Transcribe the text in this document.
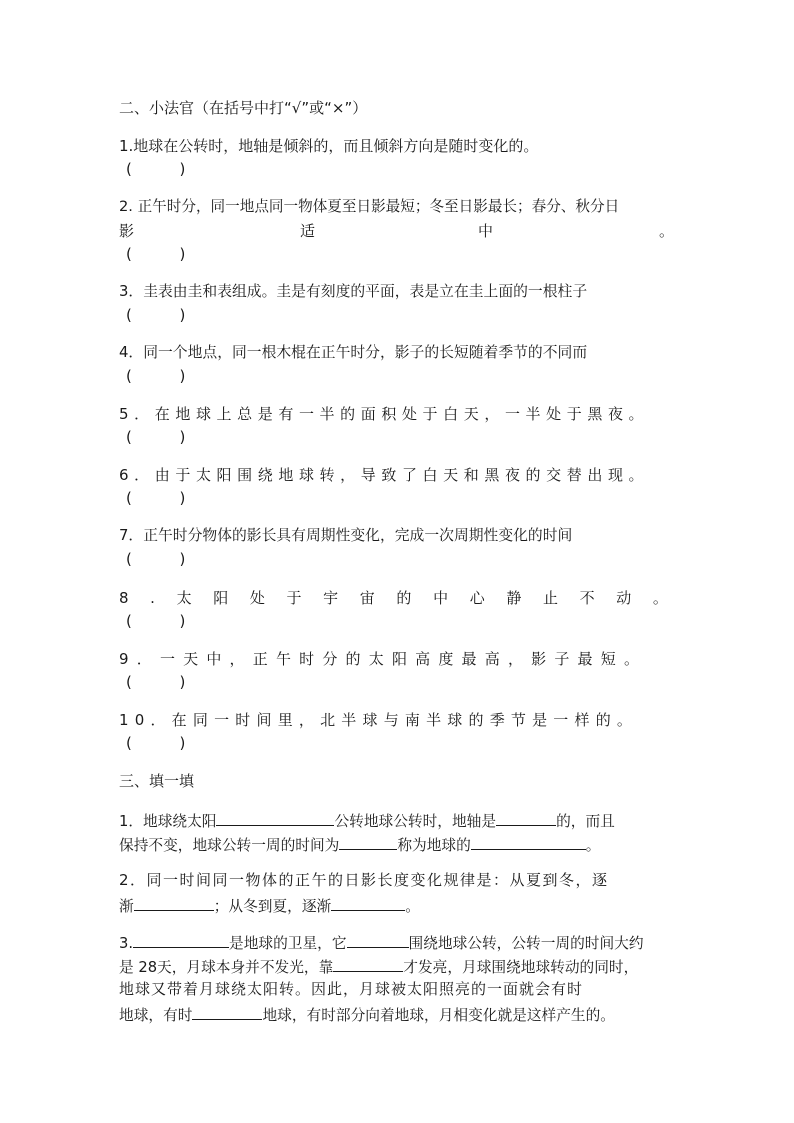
二、小法官（在括号中打“√”或“×”）
1.地球在公转时，地轴是倾斜的，而且倾斜方向是随时变化的。
(          )
2. 正午时分，同一地点同一物体夏至日影最短；冬至日影最长；春分、秋分日
影	适	中	。
(          )
3．圭表由圭和表组成。圭是有刻度的平面，表是立在圭上面的一根柱子
(          )
4．同一个地点，同一根木棍在正午时分，影子的长短随着季节的不同而
(          )
5．在地球上总是有一半的面积处于白天，一半处于黑夜。
(          )
6．由于太阳围绕地球转，导致了白天和黑夜的交替出现。
(          )
7．正午时分物体的影长具有周期性变化，完成一次周期性变化的时间
(          )
8 . 太 阳 处 于 宇 宙 的 中 心 静 止 不 动 。
(          )
9．一天中，正午时分的太阳高度最高，影子最短。
(          )
10．在同一时间里，北半球与南半球的季节是一样的。
(          )
三、填一填
1．地球绕太阳	公转地球公转时，地轴是	的，而且
保持不变，地球公转一周的时间为	称为地球的	。
2．同一时间同一物体的正午的日影长度变化规律是：从夏到冬，逐
渐	；从冬到夏，逐渐	。
3.	是地球的卫星，它	围绕地球公转，公转一周的时间大约
是 28天，月球本身并不发光，靠	才发亮，月球围绕地球转动的同时，
地球又带着月球绕太阳转。因此，月球被太阳照亮的一面就会有时
地球，有时	地球，有时部分向着地球，月相变化就是这样产生的。
